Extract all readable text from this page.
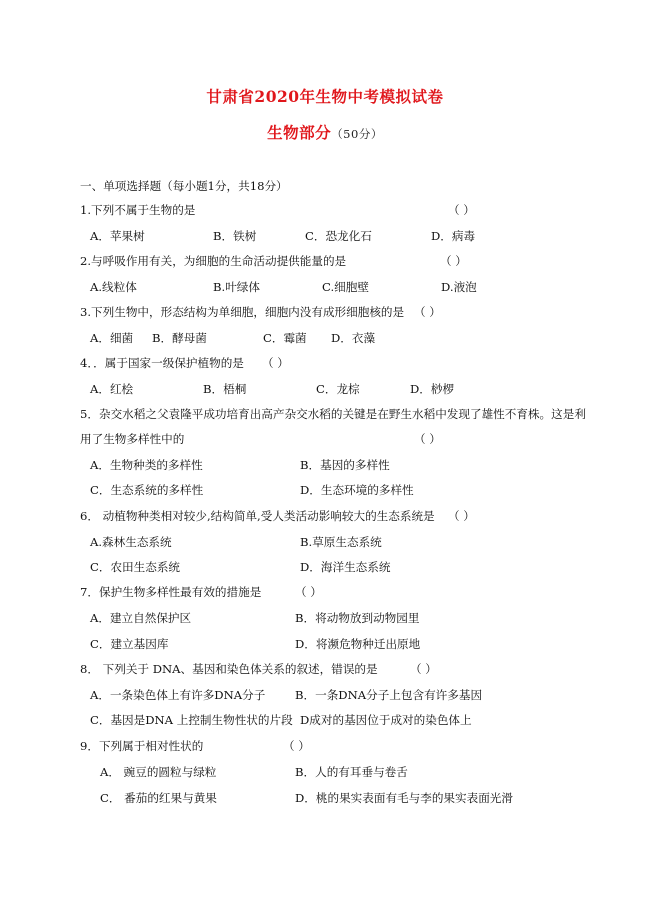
甘肃省2020年生物中考模拟试卷
生物部分（50分）
一、单项选择题（每小题1分，共18分）
1.下列不属于生物的是	（ ）
A．苹果树	B．铁树	C．恐龙化石	D．病毒
2.与呼吸作用有关，为细胞的生命活动提供能量的是	（ ）
A.线粒体	B.叶绿体	C.细胞壁	D.液泡
3.下列生物中，形态结构为单细胞，细胞内没有成形细胞核的是 （ ）
A．细菌 B．酵母菌	C．霉菌 D．衣藻
4．．属于国家一级保护植物的是 （ ）
A．红桧	B．梧桐	C．龙棕	D．桫椤
5．杂交水稻之父袁隆平成功培育出高产杂交水稻的关键是在野生水稻中发现了雄性不育株。这是利
用了生物多样性中的	（ ）
A．生物种类的多样性	B．基因的多样性
C．生态系统的多样性	D．生态环境的多样性
6． 动植物种类相对较少,结构简单,受人类活动影响较大的生态系统是 （ ）
A.森林生态系统	B.草原生态系统
C．农田生态系统	D．海洋生态系统
7．保护生物多样性最有效的措施是	（ ）
A．建立自然保护区	B．将动物放到动物园里
C．建立基因库	D．将濒危物种迁出原地
8． 下列关于 DNA、基因和染色体关系的叙述，错误的是	（ ）
A．一条染色体上有许多DNA分子	B．一条DNA分子上包含有许多基因
C．基因是DNA 上控制生物性状的片段 D成对的基因位于成对的染色体上
9．下列属于相对性状的	（ ）
A． 豌豆的圆粒与绿粒	B．人的有耳垂与卷舌
C． 番茄的红果与黄果	D．桃的果实表面有毛与李的果实表面光滑
